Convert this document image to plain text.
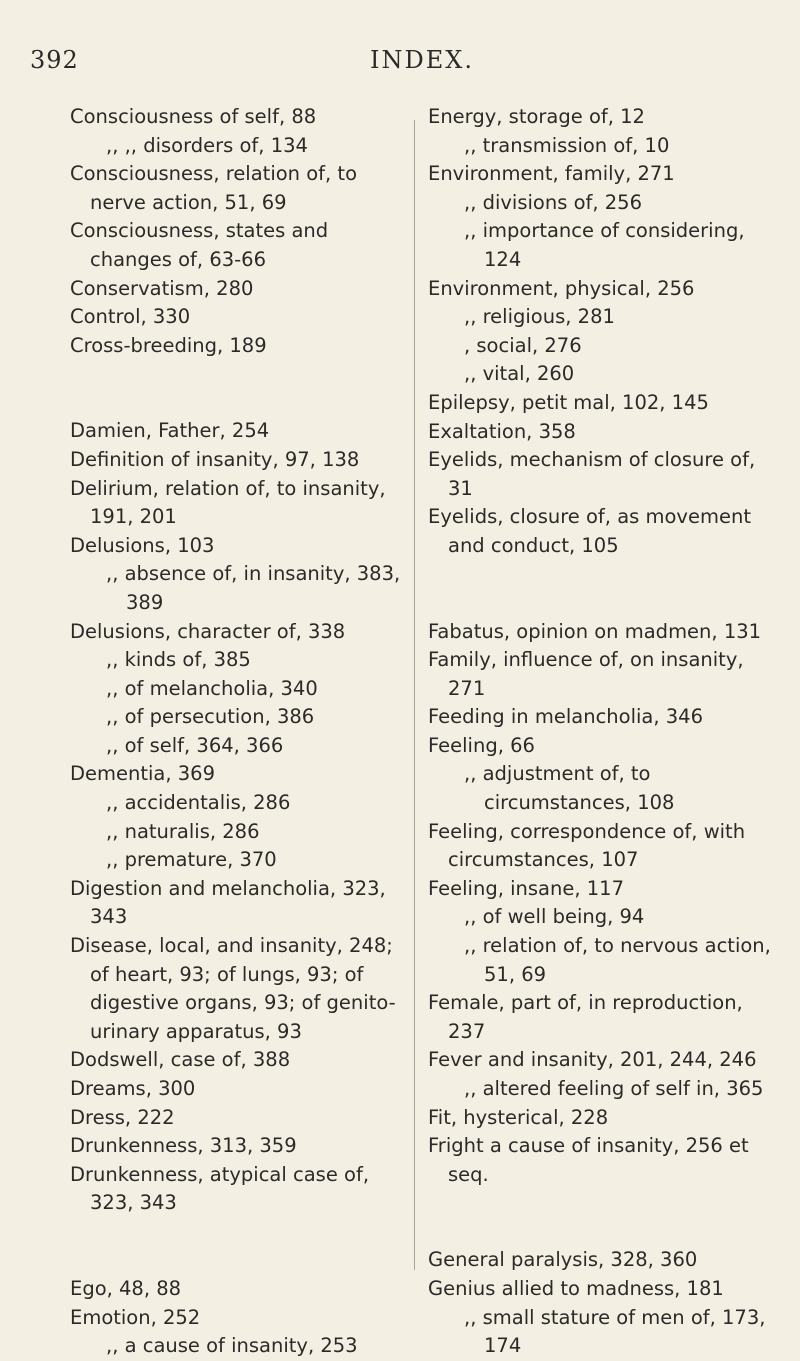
392	INDEX.
Consciousness of self, 88
,, ,, disorders of, 134
Consciousness, relation of, to nerve action, 51, 69
Consciousness, states and changes of, 63-66
Conservatism, 280
Control, 330
Cross-breeding, 189
Damien, Father, 254
Definition of insanity, 97, 138
Delirium, relation of, to insanity, 191, 201
Delusions, 103
,, absence of, in insanity, 383, 389
Delusions, character of, 338
,, kinds of, 385
,, of melancholia, 340
,, of persecution, 386
,, of self, 364, 366
Dementia, 369
,, accidentalis, 286
,, naturalis, 286
,, premature, 370
Digestion and melancholia, 323, 343
Disease, local, and insanity, 248; of heart, 93; of lungs, 93; of digestive organs, 93; of genito-urinary apparatus, 93
Dodswell, case of, 388
Dreams, 300
Dress, 222
Drunkenness, 313, 359
Drunkenness, atypical case of, 323, 343
Ego, 48, 88
Emotion, 252
,, a cause of insanity, 253
Energy, storage of, 12
,, transmission of, 10
Environment, family, 271
,, divisions of, 256
,, importance of considering, 124
Environment, physical, 256
,, religious, 281
, social, 276
,, vital, 260
Epilepsy, petit mal, 102, 145
Exaltation, 358
Eyelids, mechanism of closure of, 31
Eyelids, closure of, as movement and conduct, 105
Fabatus, opinion on madmen, 131
Family, influence of, on insanity, 271
Feeding in melancholia, 346
Feeling, 66
,, adjustment of, to circumstances, 108
Feeling, correspondence of, with circumstances, 107
Feeling, insane, 117
,, of well being, 94
,, relation of, to nervous action, 51, 69
Female, part of, in reproduction, 237
Fever and insanity, 201, 244, 246
,, altered feeling of self in, 365
Fit, hysterical, 228
Fright a cause of insanity, 256 et seq.
General paralysis, 328, 360
Genius allied to madness, 181
,, small stature of men of, 173, 174
